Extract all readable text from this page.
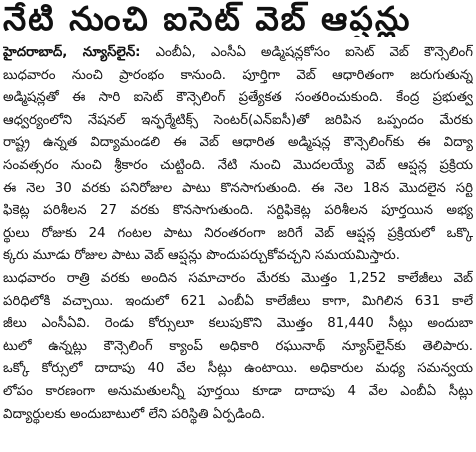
నేటి నుంచి ఐసెట్ వెబ్ ఆప్షన్లు
హైదరాబాద్, న్యూస్‌లైన్: ఎంబీఏ, ఎంసీఏ అడ్మిషన్లకోసం ఐసెట్ వెబ్ కౌన్సెలింగ్
బుధవారం నుంచి ప్రారంభం కానుంది. పూర్తిగా వెబ్ ఆధారితంగా జరుగుతున్న
అడ్మిషన్లతో ఈ సారి ఐసెట్ కౌన్సెలింగ్ ప్రత్యేకత సంతరించుకుంది. కేంద్ర ప్రభుత్వ
ఆధ్వర్యంలోని నేషనల్ ఇన్ఫర్మేటిక్స్ సెంటర్(ఎన్ఐసీ)తో జరిపిన ఒప్పందం మేరకు
రాష్ట్ర ఉన్నత విద్యామండలి ఈ వెబ్ ఆధారిత అడ్మిషన్ల కౌన్సెలింగ్‌కు ఈ విద్యా
సంవత్సరం నుంచి శ్రీకారం చుట్టింది. నేటి నుంచి మొదలయ్యే వెబ్ ఆప్షన్ల ప్రక్రియ
ఈ నెల 30 వరకు పనిరోజుల పాటు కొనసాగుతుంది. ఈ నెల 18న మొదలైన సర్టి
ఫికెట్ల పరిశీలన 27 వరకు కొనసాగుతుంది. సర్టిఫికెట్ల పరిశీలన పూర్తయిన అభ్య
ర్థులు రోజుకు 24 గంటల పాటు నిరంతరంగా జరిగే వెబ్ ఆప్షన్ల ప్రక్రియలో ఒక్కొ
క్కరు మూడు రోజుల పాటు వెబ్ ఆప్షన్లు పొందుపర్చుకోవచ్చని సమయమిస్తారు.
బుధవారం రాత్రి వరకు అందిన సమాచారం మేరకు మొత్తం 1,252 కాలేజీలు వెబ్
పరిధిలోకి వచ్చాయి. ఇందులో 621 ఎంబీఏ కాలేజీలు కాగా, మిగిలిన 631 కాలే
జీలు ఎంసీఏవి. రెండు కోర్సులూ కలుపుకొని మొత్తం 81,440 సీట్లు అందుబా
టులో ఉన్నట్లు కౌన్సెలింగ్ క్యాంప్ అధికారి రఘునాథ్ న్యూస్‌లైన్‌కు తెలిపారు.
ఒక్కో కోర్సులో దాదాపు 40 వేల సీట్లు ఉంటాయి. అధికారుల మధ్య సమన్వయ
లోపం కారణంగా అనుమతులన్నీ పూర్తయి కూడా దాదాపు 4 వేల ఎంబీఏ సీట్లు
విద్యార్థులకు అందుబాటులో లేని పరిస్థితి ఏర్పడింది.
